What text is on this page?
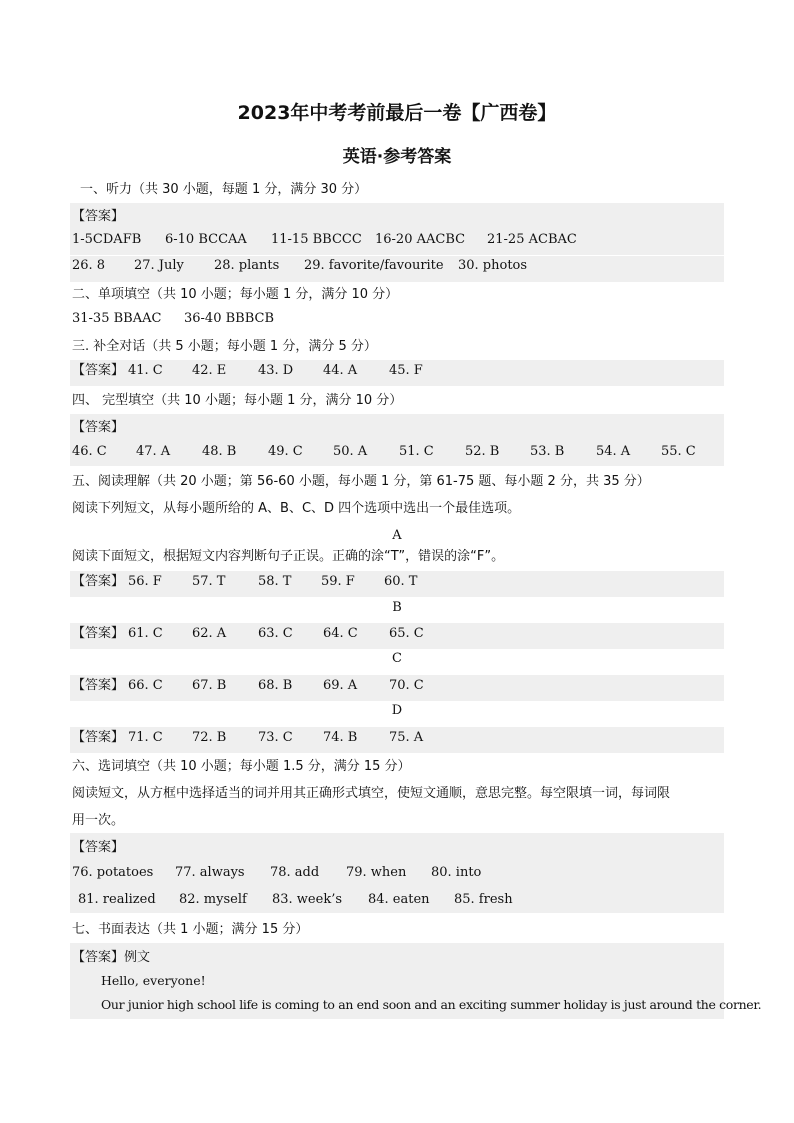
2023年中考考前最后一卷【广西卷】
英语·参考答案
一、听力（共 30 小题，每题 1 分，满分 30 分）
【答案】
1-5CDAFB 6-10 BCCAA 11-15 BBCCC 16-20 AACBC 21-25 ACBAC
26. 8 27. July 28. plants 29. favorite/favourite 30. photos
二、单项填空（共 10 小题；每小题 1 分，满分 10 分）
31-35 BBAAC 36-40 BBBCB
三. 补全对话（共 5 小题；每小题 1 分，满分 5 分）
【答案】 41. C 42. E 43. D 44. A 45. F
四、 完型填空（共 10 小题；每小题 1 分，满分 10 分）
【答案】
46. C 47. A 48. B 49. C 50. A 51. C 52. B 53. B 54. A 55. C
五、阅读理解（共 20 小题；第 56-60 小题，每小题 1 分，第 61-75 题、每小题 2 分，共 35 分）
阅读下列短文，从每小题所给的 A、B、C、D 四个选项中选出一个最佳选项。
A
阅读下面短文，根据短文内容判断句子正误。正确的涂“T”，错误的涂“F”。
【答案】 56. F 57. T	58. T 59. F 60. T
B
【答案】 61. C 62. A 63. C 64. C 65. C
C
【答案】 66. C 67. B 68. B 69. A 70. C
D
【答案】 71. C 72. B 73. C 74. B 75. A
六、选词填空（共 10 小题；每小题 1.5 分，满分 15 分）
阅读短文，从方框中选择适当的词并用其正确形式填空，使短文通顺，意思完整。每空限填一词，每词限
用一次。
【答案】
76. potatoes 77. always 78. add 79. when 80. into
81. realized 82. myself 83. week’s 84. eaten 85. fresh
七、书面表达（共 1 小题；满分 15 分）
【答案】例文
Hello, everyone!
Our junior high school life is coming to an end soon and an exciting summer holiday is just around the corner.
